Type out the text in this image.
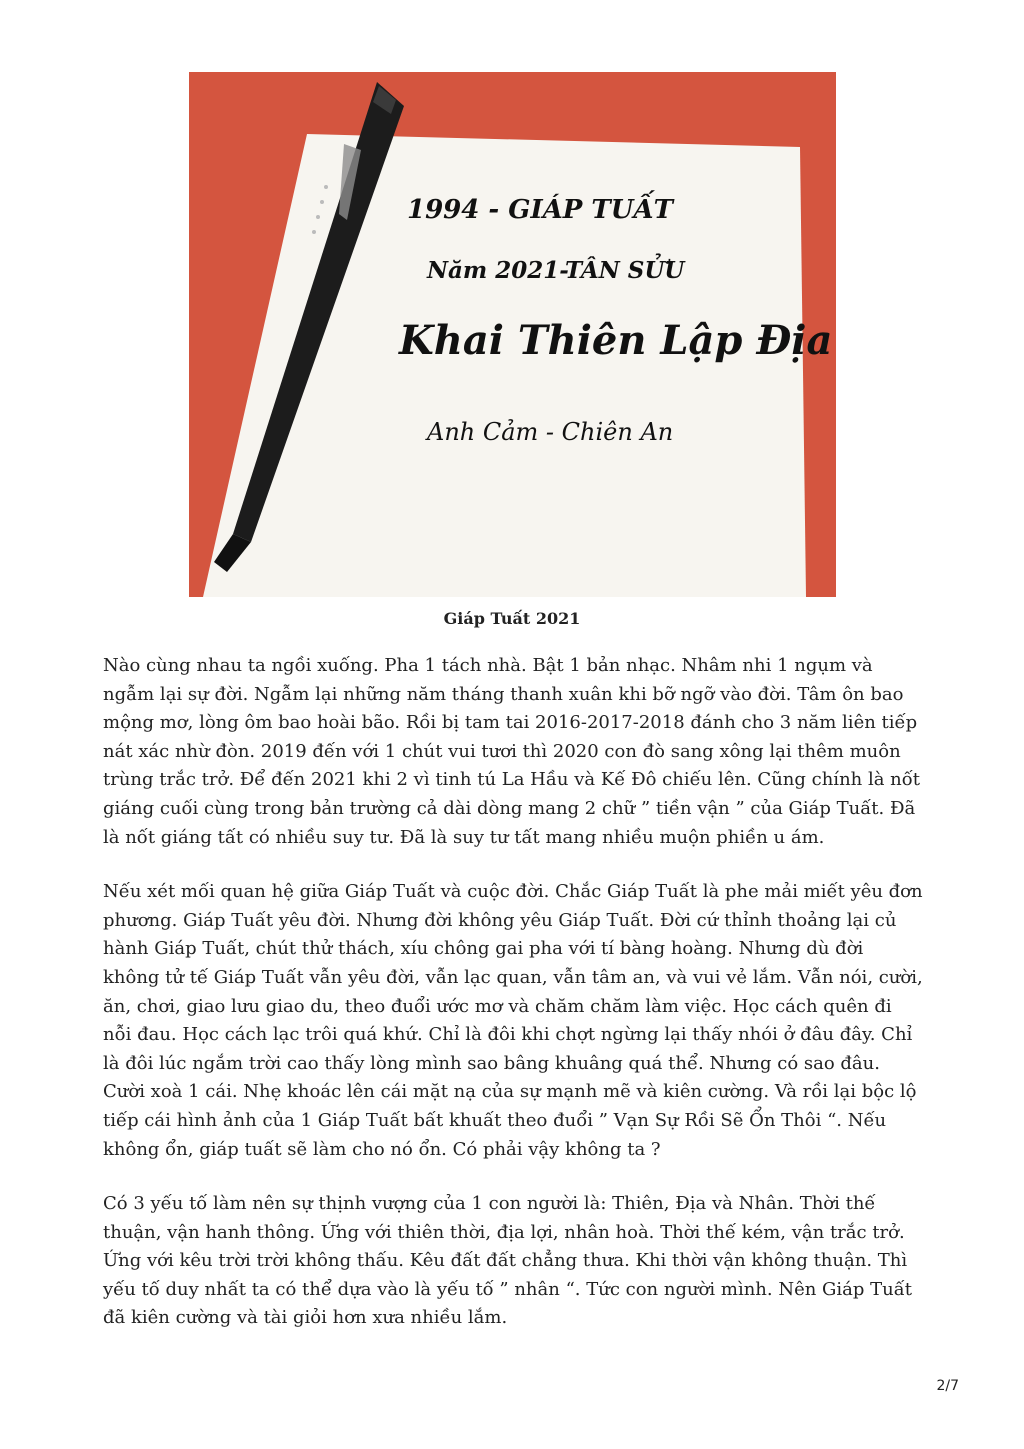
1994 - GIÁP TUẤT
Năm 2021-TÂN SỬU
Khai Thiên Lập Địa
Anh Cảm - Chiên An
Giáp Tuất 2021

Nào cùng nhau ta ngồi xuống. Pha 1 tách nhà. Bật 1 bản nhạc. Nhâm nhi 1 ngụm và ngẫm lại sự đời. Ngẫm lại những năm tháng thanh xuân khi bỡ ngỡ vào đời. Tâm ôn bao mộng mơ, lòng ôm bao hoài bão. Rồi bị tam tai 2016-2017-2018 đánh cho 3 năm liên tiếp nát xác nhừ đòn. 2019 đến với 1 chút vui tươi thì 2020 con đò sang xông lại thêm muôn trùng trắc trở. Để đến 2021 khi 2 vì tinh tú La Hầu và Kế Đô chiếu lên. Cũng chính là nốt giáng cuối cùng trong bản trường cả dài dòng mang 2 chữ ” tiền vận ” của Giáp Tuất. Đã là nốt giáng tất có nhiều suy tư. Đã là suy tư tất mang nhiều muộn phiền u ám.

Nếu xét mối quan hệ giữa Giáp Tuất và cuộc đời. Chắc Giáp Tuất là phe mải miết yêu đơn phương. Giáp Tuất yêu đời. Nhưng đời không yêu Giáp Tuất. Đời cứ thỉnh thoảng lại củ hành Giáp Tuất, chút thử thách, xíu chông gai pha với tí bàng hoàng. Nhưng dù đời không tử tế Giáp Tuất vẫn yêu đời, vẫn lạc quan, vẫn tâm an, và vui vẻ lắm. Vẫn nói, cười, ăn, chơi, giao lưu giao du, theo đuổi ước mơ và chăm chăm làm việc. Học cách quên đi nỗi đau. Học cách lạc trôi quá khứ. Chỉ là đôi khi chợt ngừng lại thấy nhói ở đâu đây. Chỉ là đôi lúc ngắm trời cao thấy lòng mình sao bâng khuâng quá thể. Nhưng có sao đâu. Cười xoà 1 cái. Nhẹ khoác lên cái mặt nạ của sự mạnh mẽ và kiên cường. Và rồi lại bộc lộ tiếp cái hình ảnh của 1 Giáp Tuất bất khuất theo đuổi ” Vạn Sự Rồi Sẽ Ổn Thôi “. Nếu không ổn, giáp tuất sẽ làm cho nó ổn. Có phải vậy không ta ?

Có 3 yếu tố làm nên sự thịnh vượng của 1 con người là: Thiên, Địa và Nhân. Thời thế thuận, vận hanh thông. Ứng với thiên thời, địa lợi, nhân hoà. Thời thế kém, vận trắc trở. Ứng với kêu trời trời không thấu. Kêu đất đất chẳng thưa. Khi thời vận không thuận. Thì yếu tố duy nhất ta có thể dựa vào là yếu tố ” nhân “. Tức con người mình. Nên Giáp Tuất đã kiên cường và tài giỏi hơn xưa nhiều lắm.

2/7
